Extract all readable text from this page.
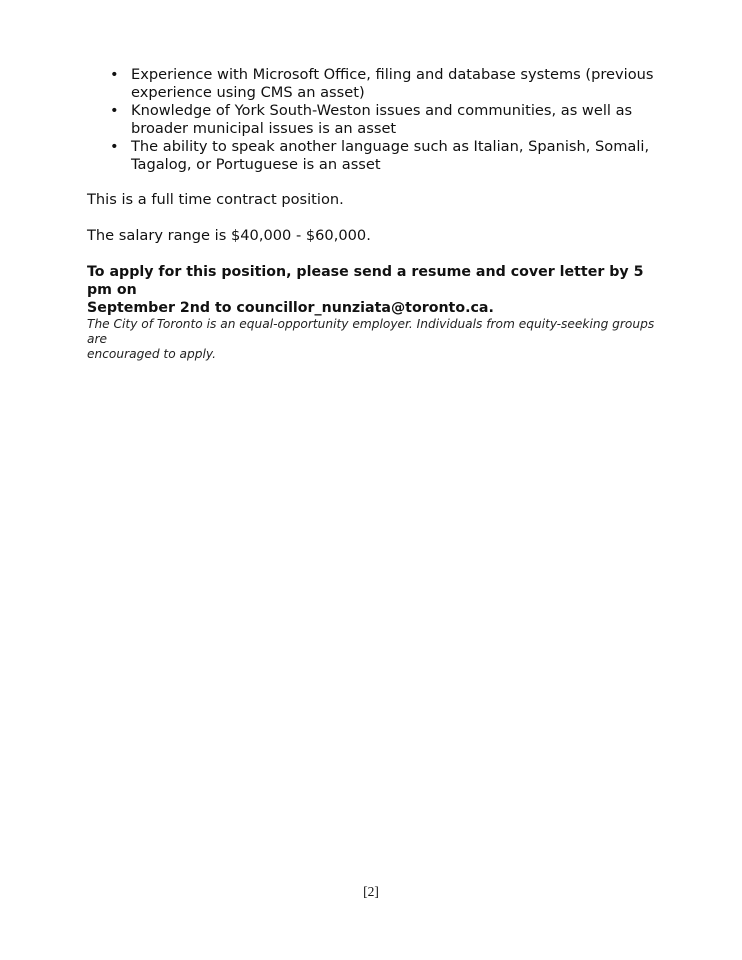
• Experience with Microsoft Office, filing and database systems (previous
experience using CMS an asset)
• Knowledge of York South-Weston issues and communities, as well as
broader municipal issues is an asset
• The ability to speak another language such as Italian, Spanish, Somali,
Tagalog, or Portuguese is an asset

This is a full time contract position.

The salary range is $40,000 - $60,000.

To apply for this position, please send a resume and cover letter by 5 pm on
September 2nd to councillor_nunziata@toronto.ca.

The City of Toronto is an equal-opportunity employer. Individuals from equity-seeking groups are
encouraged to apply.

[2]
